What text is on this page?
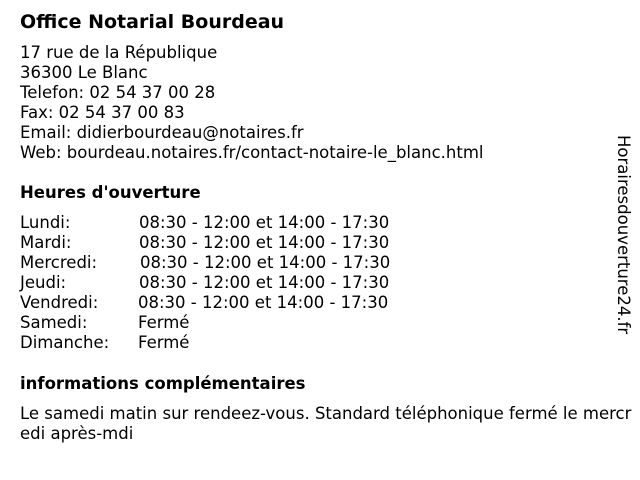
Office Notarial Bourdeau
17 rue de la République
36300 Le Blanc
Telefon: 02 54 37 00 28
Fax: 02 54 37 00 83
Email: didierbourdeau@notaires.fr
Web: bourdeau.notaires.fr/contact-notaire-le_blanc.html
Heures d'ouverture
Lundi:	08:30 - 12:00 et 14:00 - 17:30
Mardi:	08:30 - 12:00 et 14:00 - 17:30
Mercredi:	08:30 - 12:00 et 14:00 - 17:30
Jeudi:	08:30 - 12:00 et 14:00 - 17:30
Vendredi: 08:30 - 12:00 et 14:00 - 17:30
Samedi:	Fermé
Dimanche: Fermé
informations complémentaires
Le samedi matin sur rendeez-vous. Standard téléphonique fermé le mercredi après-mdi
Horairesdouverture24.fr
